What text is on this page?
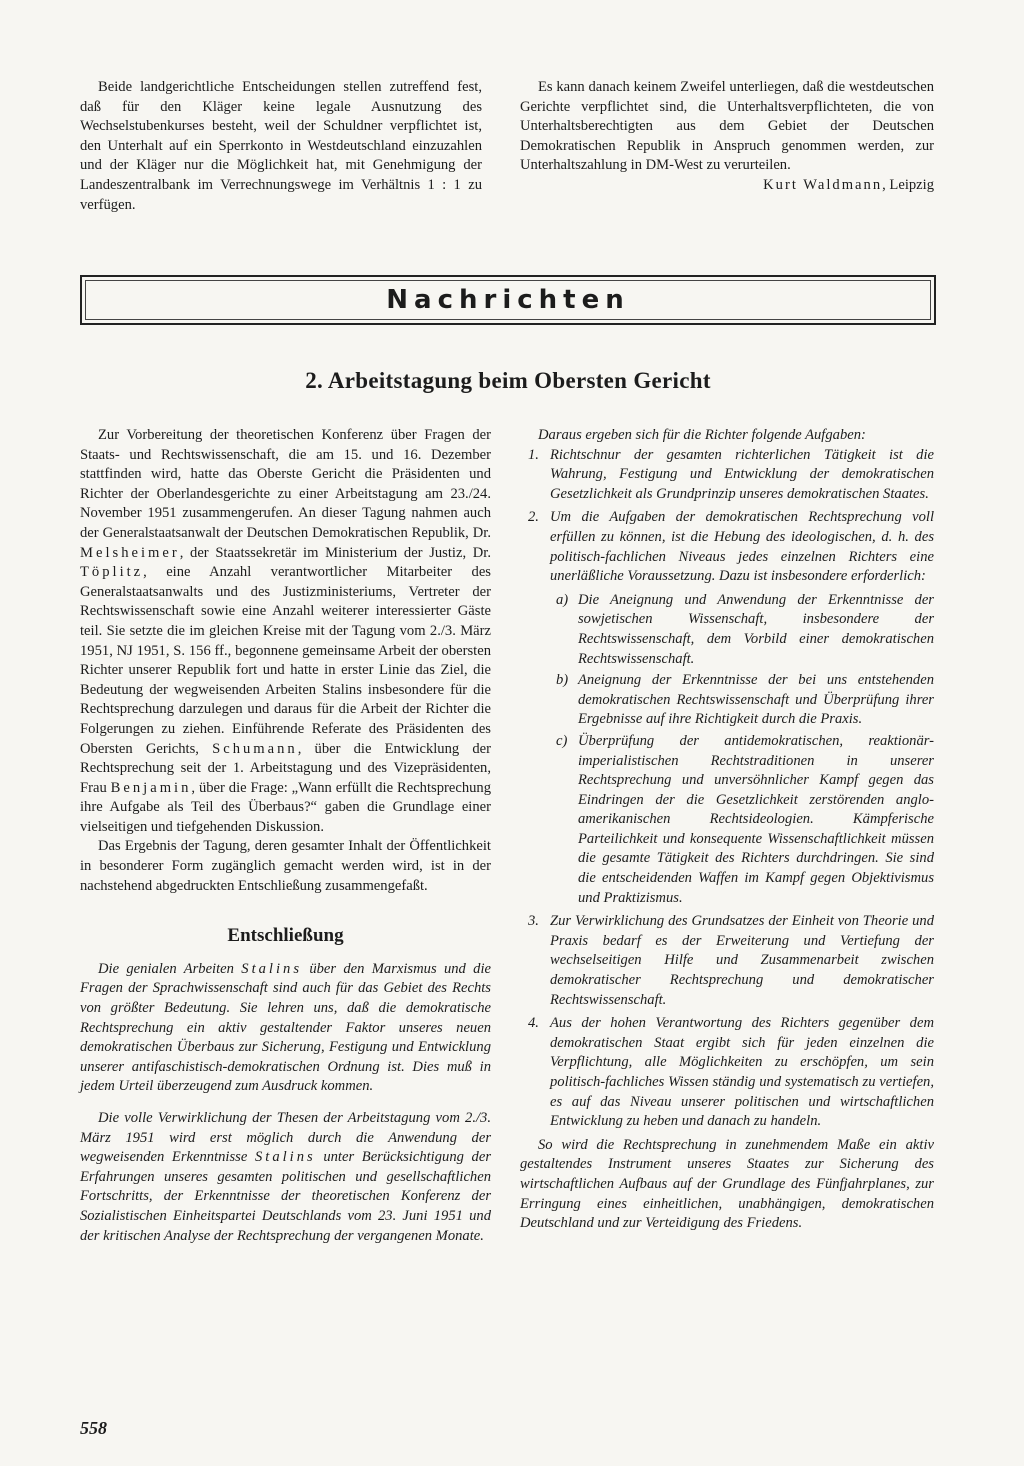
Beide landgerichtliche Entscheidungen stellen zutreffend fest, daß für den Kläger keine legale Ausnutzung des Wechselstubenkurses besteht, weil der Schuldner verpflichtet ist, den Unterhalt auf ein Sperrkonto in Westdeutschland einzuzahlen und der Kläger nur die Möglichkeit hat, mit Genehmigung der Landeszentralbank im Verrechnungswege im Verhältnis 1 : 1 zu verfügen.

Es kann danach keinem Zweifel unterliegen, daß die westdeutschen Gerichte verpflichtet sind, die Unterhaltsverpflichteten, die von Unterhaltsberechtigten aus dem Gebiet der Deutschen Demokratischen Republik in Anspruch genommen werden, zur Unterhaltszahlung in DM-West zu verurteilen.

Kurt Waldmann, Leipzig

Nachrichten
2. Arbeitstagung beim Obersten Gericht

Zur Vorbereitung der theoretischen Konferenz über Fragen der Staats- und Rechtswissenschaft, die am 15. und 16. Dezember stattfinden wird, hatte das Oberste Gericht die Präsidenten und Richter der Oberlandesgerichte zu einer Arbeitstagung am 23./24. November 1951 zusammengerufen. An dieser Tagung nahmen auch der Generalstaatsanwalt der Deutschen Demokratischen Republik, Dr. Melsheimer, der Staatssekretär im Ministerium der Justiz, Dr. Töplitz, eine Anzahl verantwortlicher Mitarbeiter des Generalstaatsanwalts und des Justizministeriums, Vertreter der Rechtswissenschaft sowie eine Anzahl weiterer interessierter Gäste teil. Sie setzte die im gleichen Kreise mit der Tagung vom 2./3. März 1951, NJ 1951, S. 156 ff., begonnene gemeinsame Arbeit der obersten Richter unserer Republik fort und hatte in erster Linie das Ziel, die Bedeutung der wegweisenden Arbeiten Stalins insbesondere für die Rechtsprechung darzulegen und daraus für die Arbeit der Richter die Folgerungen zu ziehen. Einführende Referate des Präsidenten des Obersten Gerichts, Schumann, über die Entwicklung der Rechtsprechung seit der 1. Arbeitstagung und des Vizepräsidenten, Frau Benjamin, über die Frage: „Wann erfüllt die Rechtsprechung ihre Aufgabe als Teil des Überbaus?“ gaben die Grundlage einer vielseitigen und tiefgehenden Diskussion.

Das Ergebnis der Tagung, deren gesamter Inhalt der Öffentlichkeit in besonderer Form zugänglich gemacht werden wird, ist in der nachstehend abgedruckten Entschließung zusammengefaßt.

Entschließung

Die genialen Arbeiten Stalins über den Marxismus und die Fragen der Sprachwissenschaft sind auch für das Gebiet des Rechts von größter Bedeutung. Sie lehren uns, daß die demokratische Rechtsprechung ein aktiv gestaltender Faktor unseres neuen demokratischen Überbaus zur Sicherung, Festigung und Entwicklung unserer antifaschistisch-demokratischen Ordnung ist. Dies muß in jedem Urteil überzeugend zum Ausdruck kommen.

Die volle Verwirklichung der Thesen der Arbeitstagung vom 2./3. März 1951 wird erst möglich durch die Anwendung der wegweisenden Erkenntnisse Stalins unter Berücksichtigung der Erfahrungen unseres gesamten politischen und gesellschaftlichen Fortschritts, der Erkenntnisse der theoretischen Konferenz der Sozialistischen Einheitspartei Deutschlands vom 23. Juni 1951 und der kritischen Analyse der Rechtsprechung der vergangenen Monate.

Daraus ergeben sich für die Richter folgende Aufgaben:

1. Richtschnur der gesamten richterlichen Tätigkeit ist die Wahrung, Festigung und Entwicklung der demokratischen Gesetzlichkeit als Grundprinzip unseres demokratischen Staates.
2. Um die Aufgaben der demokratischen Rechtsprechung voll erfüllen zu können, ist die Hebung des ideologischen, d. h. des politisch-fachlichen Niveaus jedes einzelnen Richters eine unerläßliche Voraussetzung. Dazu ist insbesondere erforderlich:
a) Die Aneignung und Anwendung der Erkenntnisse der sowjetischen Wissenschaft, insbesondere der Rechtswissenschaft, dem Vorbild einer demokratischen Rechtswissenschaft.
b) Aneignung der Erkenntnisse der bei uns entstehenden demokratischen Rechtswissenschaft und Überprüfung ihrer Ergebnisse auf ihre Richtigkeit durch die Praxis.
c) Überprüfung der antidemokratischen, reaktionär-imperialistischen Rechtstraditionen in unserer Rechtsprechung und unversöhnlicher Kampf gegen das Eindringen der die Gesetzlichkeit zerstörenden anglo-amerikanischen Rechtsideologien. Kämpferische Parteilichkeit und konsequente Wissenschaftlichkeit müssen die gesamte Tätigkeit des Richters durchdringen. Sie sind die entscheidenden Waffen im Kampf gegen Objektivismus und Praktizismus.
3. Zur Verwirklichung des Grundsatzes der Einheit von Theorie und Praxis bedarf es der Erweiterung und Vertiefung der wechselseitigen Hilfe und Zusammenarbeit zwischen demokratischer Rechtsprechung und demokratischer Rechtswissenschaft.
4. Aus der hohen Verantwortung des Richters gegenüber dem demokratischen Staat ergibt sich für jeden einzelnen die Verpflichtung, alle Möglichkeiten zu erschöpfen, um sein politisch-fachliches Wissen ständig und systematisch zu vertiefen, es auf das Niveau unserer politischen und wirtschaftlichen Entwicklung zu heben und danach zu handeln.

So wird die Rechtsprechung in zunehmendem Maße ein aktiv gestaltendes Instrument unseres Staates zur Sicherung des wirtschaftlichen Aufbaus auf der Grundlage des Fünfjahrplanes, zur Erringung eines einheitlichen, unabhängigen, demokratischen Deutschland und zur Verteidigung des Friedens.

558
